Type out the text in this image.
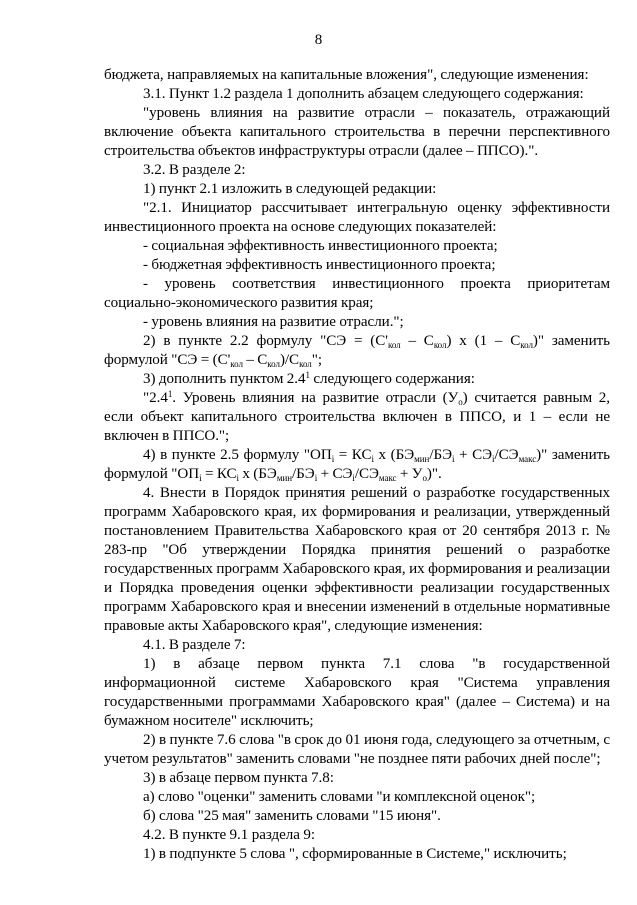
8

бюджета, направляемых на капитальные вложения", следующие изменения:

3.1. Пункт 1.2 раздела 1 дополнить абзацем следующего содержания:

"уровень влияния на развитие отрасли – показатель, отражающий включение объекта капитального строительства в перечни перспективного строительства объектов инфраструктуры отрасли (далее – ППСО).".

3.2. В разделе 2:

1) пункт 2.1 изложить в следующей редакции:

"2.1. Инициатор рассчитывает интегральную оценку эффективности инвестиционного проекта на основе следующих показателей:

- социальная эффективность инвестиционного проекта;

- бюджетная эффективность инвестиционного проекта;

- уровень соответствия инвестиционного проекта приоритетам социально-экономического развития края;

- уровень влияния на развитие отрасли.";

2) в пункте 2.2 формулу "СЭ = $(С'_{кол} - С_{кол})$ х $(1 - С_{кол})$" заменить формулой "СЭ = $(С'_{кол} - С_{кол})/С_{кол}$";

3) дополнить пунктом $2.4^1$ следующего содержания:

"$2.4^1$. Уровень влияния на развитие отрасли $(У_о)$ считается равным 2, если объект капитального строительства включен в ППСО, и 1 – если не включен в ППСО.";

4) в пункте 2.5 формулу "$ОП_i = КС_i$ х $(БЭ_{мин}/БЭ_i + СЭ_i/СЭ_{макс})$" заменить формулой "$ОП_i = КС_i$ х $(БЭ_{мин}/БЭ_i + СЭ_i/СЭ_{макс} + У_о)$".

4. Внести в Порядок принятия решений о разработке государственных программ Хабаровского края, их формирования и реализации, утвержденный постановлением Правительства Хабаровского края от 20 сентября 2013 г. № 283-пр "Об утверждении Порядка принятия решений о разработке государственных программ Хабаровского края, их формирования и реализации и Порядка проведения оценки эффективности реализации государственных программ Хабаровского края и внесении изменений в отдельные нормативные правовые акты Хабаровского края", следующие изменения:

4.1. В разделе 7:

1) в абзаце первом пункта 7.1 слова "в государственной информационной системе Хабаровского края "Система управления государственными программами Хабаровского края" (далее – Система) и на бумажном носителе" исключить;

2) в пункте 7.6 слова "в срок до 01 июня года, следующего за отчетным, с учетом результатов" заменить словами "не позднее пяти рабочих дней после";

3) в абзаце первом пункта 7.8:

а) слово "оценки" заменить словами "и комплексной оценок";

б) слова "25 мая" заменить словами "15 июня".

4.2. В пункте 9.1 раздела 9:

1) в подпункте 5 слова ", сформированные в Системе," исключить;
